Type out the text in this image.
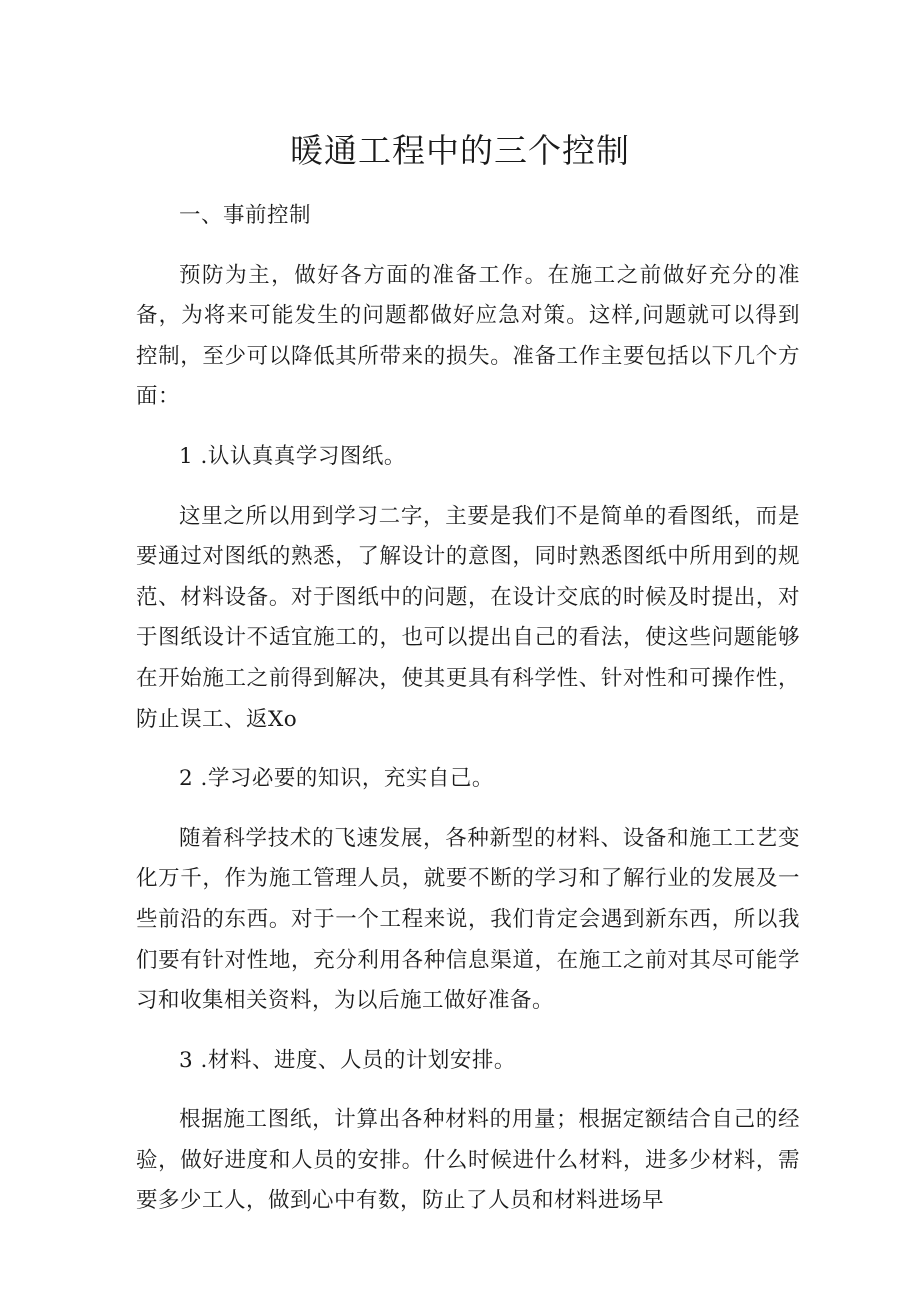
暖通工程中的三个控制

一、事前控制

预防为主，做好各方面的准备工作。在施工之前做好充分的准备，为将来可能发生的问题都做好应急对策。这样,问题就可以得到控制，至少可以降低其所带来的损失。准备工作主要包括以下几个方面：

1 .认认真真学习图纸。

这里之所以用到学习二字，主要是我们不是简单的看图纸，而是要通过对图纸的熟悉，了解设计的意图，同时熟悉图纸中所用到的规范、材料设备。对于图纸中的问题，在设计交底的时候及时提出，对于图纸设计不适宜施工的，也可以提出自己的看法，使这些问题能够在开始施工之前得到解决，使其更具有科学性、针对性和可操作性，防止误工、返Xo

2 .学习必要的知识，充实自己。

随着科学技术的飞速发展，各种新型的材料、设备和施工工艺变化万千，作为施工管理人员，就要不断的学习和了解行业的发展及一些前沿的东西。对于一个工程来说，我们肯定会遇到新东西，所以我们要有针对性地，充分利用各种信息渠道，在施工之前对其尽可能学习和收集相关资料，为以后施工做好准备。

3 .材料、进度、人员的计划安排。

根据施工图纸，计算出各种材料的用量；根据定额结合自己的经验，做好进度和人员的安排。什么时候进什么材料，进多少材料，需要多少工人，做到心中有数，防止了人员和材料进场早
